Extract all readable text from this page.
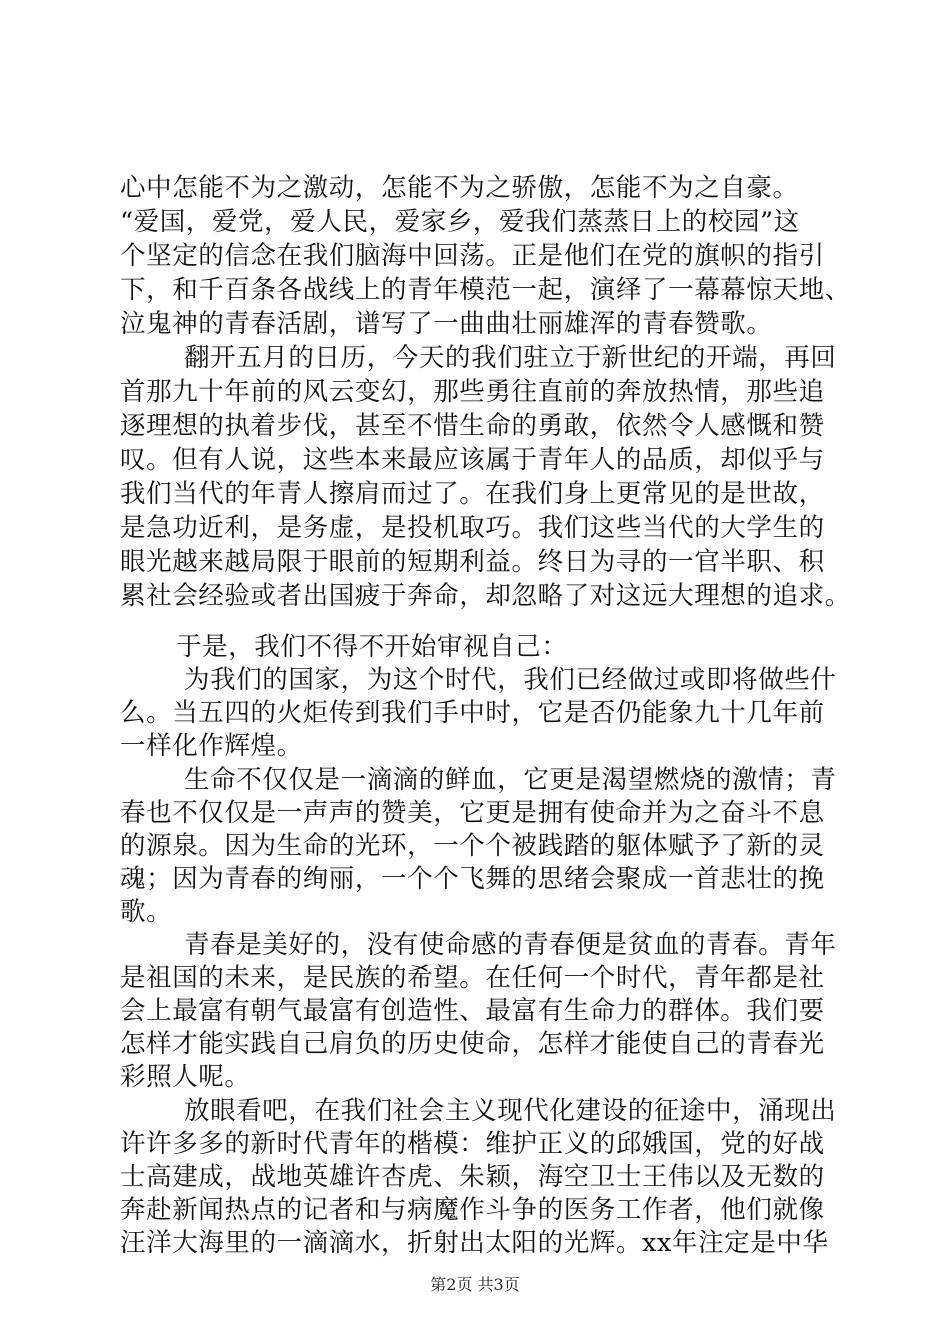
心中怎能不为之激动，怎能不为之骄傲，怎能不为之自豪。
“爱国，爱党，爱人民，爱家乡，爱我们蒸蒸日上的校园”这
个坚定的信念在我们脑海中回荡。正是他们在党的旗帜的指引
下，和千百条各战线上的青年模范一起，演绎了一幕幕惊天地、
泣鬼神的青春活剧，谱写了一曲曲壮丽雄浑的青春赞歌。
翻开五月的日历，今天的我们驻立于新世纪的开端，再回
首那九十年前的风云变幻，那些勇往直前的奔放热情，那些追
逐理想的执着步伐，甚至不惜生命的勇敢，依然令人感慨和赞
叹。但有人说，这些本来最应该属于青年人的品质，却似乎与
我们当代的年青人擦肩而过了。在我们身上更常见的是世故，
是急功近利，是务虚，是投机取巧。我们这些当代的大学生的
眼光越来越局限于眼前的短期利益。终日为寻的一官半职、积
累社会经验或者出国疲于奔命，却忽略了对这远大理想的追求。
于是，我们不得不开始审视自己：
为我们的国家，为这个时代，我们已经做过或即将做些什
么。当五四的火炬传到我们手中时，它是否仍能象九十几年前
一样化作辉煌。
生命不仅仅是一滴滴的鲜血，它更是渴望燃烧的激情；青
春也不仅仅是一声声的赞美，它更是拥有使命并为之奋斗不息
的源泉。因为生命的光环，一个个被践踏的躯体赋予了新的灵
魂；因为青春的绚丽，一个个飞舞的思绪会聚成一首悲壮的挽
歌。
青春是美好的，没有使命感的青春便是贫血的青春。青年
是祖国的未来，是民族的希望。在任何一个时代，青年都是社
会上最富有朝气最富有创造性、最富有生命力的群体。我们要
怎样才能实践自己肩负的历史使命，怎样才能使自己的青春光
彩照人呢。
放眼看吧，在我们社会主义现代化建设的征途中，涌现出
许许多多的新时代青年的楷模：维护正义的邱娥国，党的好战
士高建成，战地英雄许杏虎、朱颖，海空卫士王伟以及无数的
奔赴新闻热点的记者和与病魔作斗争的医务工作者，他们就像
第2页 共3页
汪洋大海里的一滴滴水，折射出太阳的光辉。xx年注定是中华
